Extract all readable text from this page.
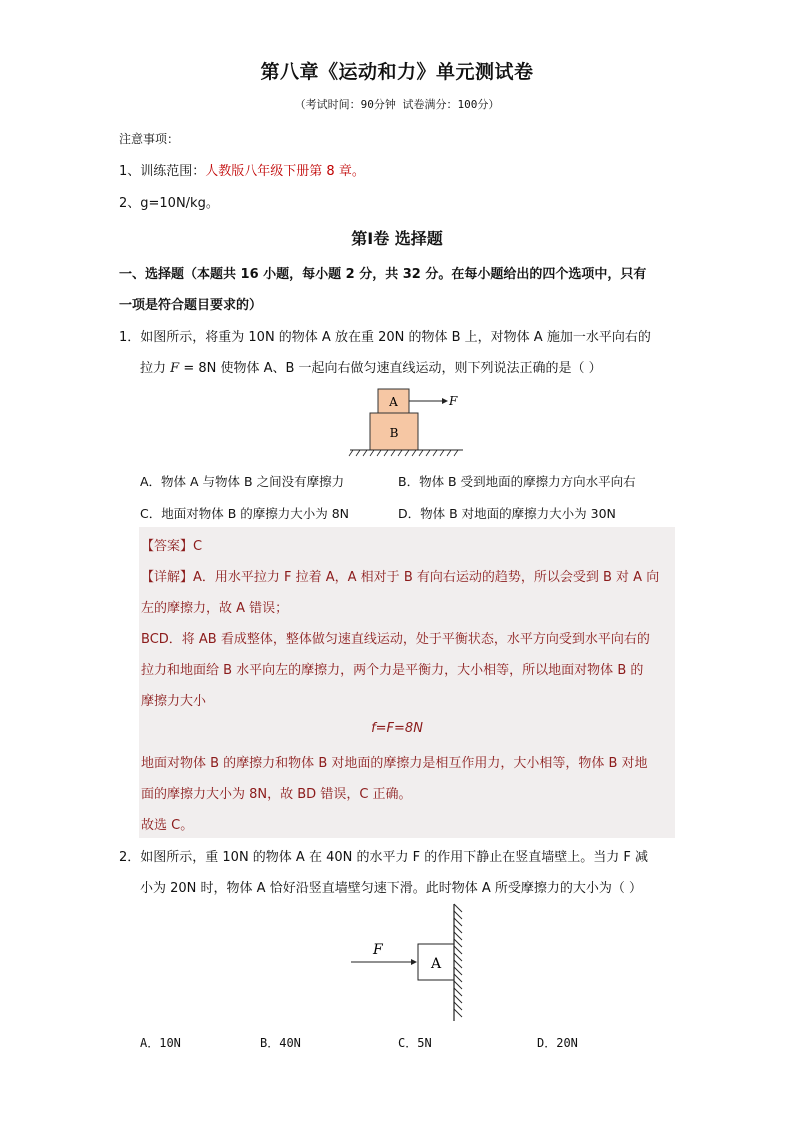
第八章《运动和力》单元测试卷
（考试时间：90分钟 试卷满分：100分）
注意事项：
1、训练范围：人教版八年级下册第 8 章。
2、g=10N/kg。
第Ⅰ卷 选择题
一、选择题（本题共 16 小题，每小题 2 分，共 32 分。在每小题给出的四个选项中，只有
一项是符合题目要求的）
1．如图所示，将重为 10N 的物体 A 放在重 20N 的物体 B 上，对物体 A 施加一水平向右的
拉力 F = 8N 使物体 A、B 一起向右做匀速直线运动，则下列说法正确的是（ ）
A
B
F
A．物体 A 与物体 B 之间没有摩擦力	B．物体 B 受到地面的摩擦力方向水平向右
C．地面对物体 B 的摩擦力大小为 8N	D．物体 B 对地面的摩擦力大小为 30N
【答案】C
【详解】A．用水平拉力 F 拉着 A，A 相对于 B 有向右运动的趋势，所以会受到 B 对 A 向
左的摩擦力，故 A 错误；
BCD．将 AB 看成整体，整体做匀速直线运动，处于平衡状态，水平方向受到水平向右的
拉力和地面给 B 水平向左的摩擦力，两个力是平衡力，大小相等，所以地面对物体 B 的
摩擦力大小
f=F=8N
地面对物体 B 的摩擦力和物体 B 对地面的摩擦力是相互作用力，大小相等，物体 B 对地
面的摩擦力大小为 8N，故 BD 错误，C 正确。
故选 C。
2．如图所示，重 10N 的物体 A 在 40N 的水平力 F 的作用下静止在竖直墙壁上。当力 F 减
小为 20N 时，物体 A 恰好沿竖直墙壁匀速下滑。此时物体 A 所受摩擦力的大小为（ ）
F
A
A．10N	B．40N	C．5N	D．20N
